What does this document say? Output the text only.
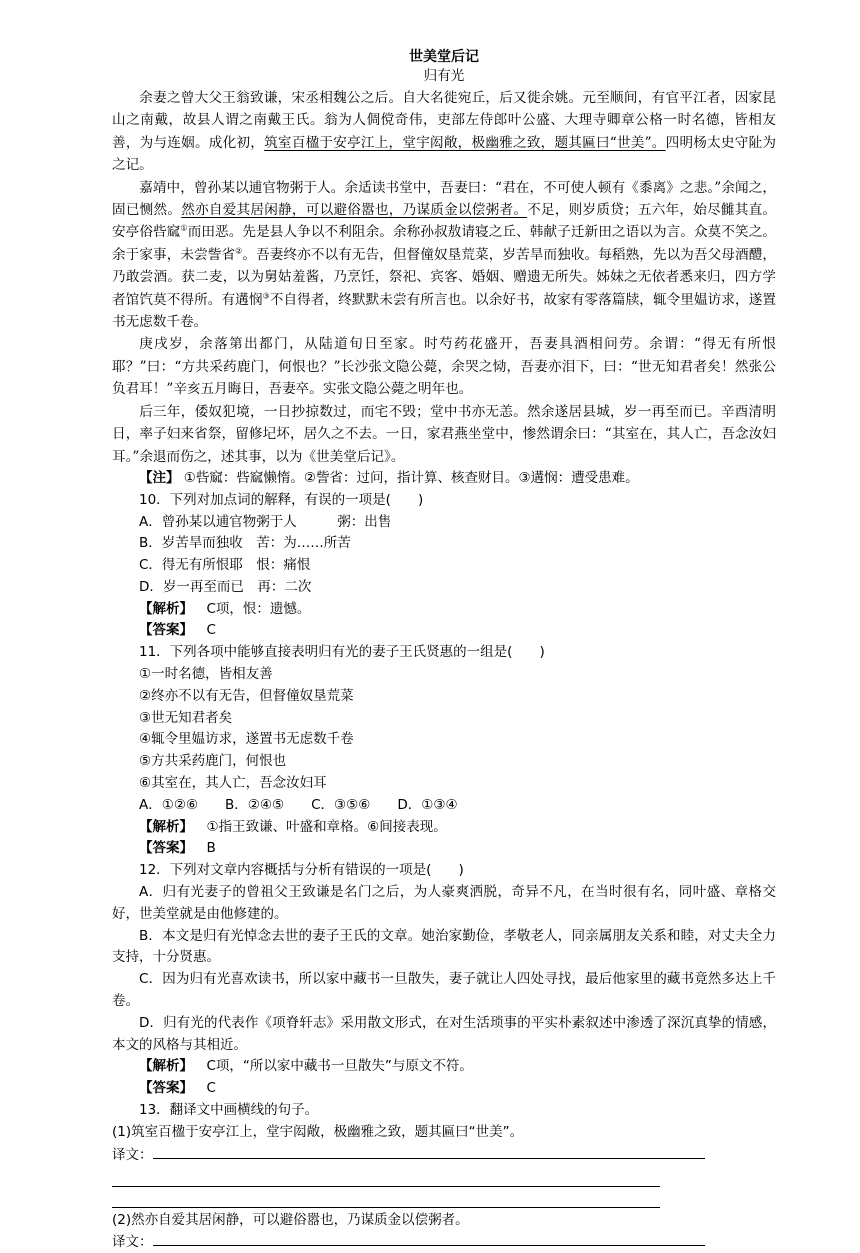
世美堂后记
归有光

余妻之曾大父王翁致谦，宋丞相魏公之后。自大名徙宛丘，后又徙余姚。元至顺间，有官平江者，因家昆山之南戴，故县人谓之南戴王氏。翁为人倜傥奇伟，吏部左侍郎叶公盛、大理寺卿章公格一时名德，皆相友善，为与连姻。成化初，筑室百楹于安亭江上，堂宇闳敞，极幽雅之致，题其匾曰“世美”。四明杨太史守阯为之记。

嘉靖中，曾孙某以逋官物粥于人。余适读书堂中，吾妻曰：“君在，不可使人顿有《黍离》之悲。”余闻之，固已恻然。然亦自爱其居闲静，可以避俗嚣也，乃谋质金以偿粥者。不足，则岁质贷；五六年，始尽雠其直。安亭俗呰窳①而田恶。先是县人争以不利阻余。余称孙叔敖请寝之丘、韩献子迁新田之语以为言。众莫不笑之。余于家事，未尝訾省②。吾妻终亦不以有无告，但督僮奴垦荒菜，岁苦旱而独收。每稻熟，先以为吾父母酒醴，乃敢尝酒。获二麦，以为舅姑羞酱，乃烹饪，祭祀、宾客、婚姻、赠遗无所失。姊妹之无依者悉来归，四方学者馆饩莫不得所。有遘悯③不自得者，终默默未尝有所言也。以余好书，故家有零落篇牍，辄令里媪访求，遂置书无虑数千卷。

庚戌岁，余落第出都门，从陆道旬日至家。时芍药花盛开，吾妻具酒相问劳。余谓：“得无有所恨耶？”曰：“方共采药鹿门，何恨也？”长沙张文隐公薨，余哭之恸，吾妻亦泪下，曰：“世无知君者矣！然张公负君耳！”辛亥五月晦日，吾妻卒。实张文隐公薨之明年也。

后三年，倭奴犯境，一日抄掠数过，而宅不毁；堂中书亦无恙。然余遂居县城，岁一再至而已。辛酉清明日，率子妇来省祭，留修圮坏，居久之不去。一日，家君燕坐堂中，惨然谓余曰：“其室在，其人亡，吾念汝妇耳。”余退而伤之，述其事，以为《世美堂后记》。

【注】 ①呰窳：呰窳懒惰。②訾省：过问，指计算、核查财目。③遘悯：遭受患难。

10．下列对加点词的解释，有误的一项是(　　)

A．曾孙某以逋官物粥于人   	粥：出售

B．岁苦旱而独收　苦：为……所苦

C．得无有所恨耶　恨：痛恨

D．岁一再至而已　再：二次

【解析】  C项，恨：遗憾。

【答案】  C

11．下列各项中能够直接表明归有光的妻子王氏贤惠的一组是(　　)

①一时名德，皆相友善

②终亦不以有无告，但督僮奴垦荒菜

③世无知君者矣

④辄令里媪访求，遂置书无虑数千卷

⑤方共采药鹿门，何恨也

⑥其室在，其人亡，吾念汝妇耳

A．①②⑥   B．②④⑤   C．③⑤⑥   D．①③④

【解析】  ①指王致谦、叶盛和章格。⑥间接表现。

【答案】  B

12．下列对文章内容概括与分析有错误的一项是(　　)

A．归有光妻子的曾祖父王致谦是名门之后，为人豪爽洒脱，奇异不凡，在当时很有名，同叶盛、章格交好，世美堂就是由他修建的。

B．本文是归有光悼念去世的妻子王氏的文章。她治家勤俭，孝敬老人，同亲属朋友关系和睦，对丈夫全力支持，十分贤惠。

C．因为归有光喜欢读书，所以家中藏书一旦散失，妻子就让人四处寻找，最后他家里的藏书竟然多达上千卷。

D．归有光的代表作《项脊轩志》采用散文形式，在对生活琐事的平实朴素叙述中渗透了深沉真挚的情感，本文的风格与其相近。

【解析】  C项，“所以家中藏书一旦散失”与原文不符。

【答案】  C

13．翻译文中画横线的句子。

(1)筑室百楹于安亭江上，堂宇闳敞，极幽雅之致，题其匾曰“世美”。

译文：

(2)然亦自爱其居闲静，可以避俗嚣也，乃谋质金以偿粥者。

译文：
